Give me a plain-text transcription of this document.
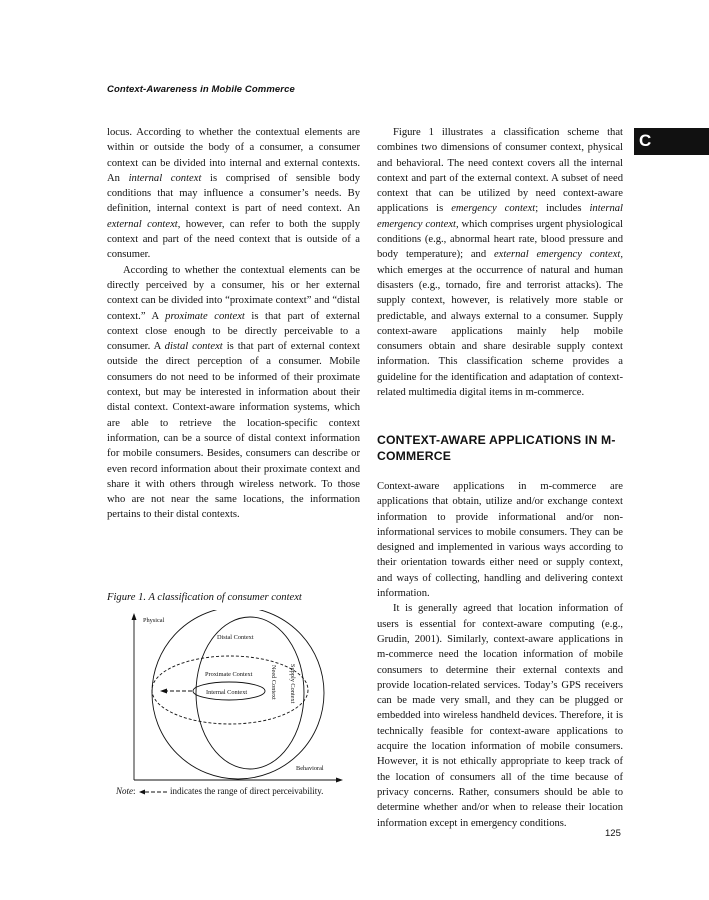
Context-Awareness in Mobile Commerce
C

locus. According to whether the contextual elements are within or outside the body of a consumer, a consumer context can be divided into internal and external contexts. An internal context is comprised of sensible body conditions that may influence a consumer’s needs. By definition, internal context is part of need context. An external context, however, can refer to both the supply context and part of the need context that is outside of a consumer.

According to whether the contextual elements can be directly perceived by a consumer, his or her external context can be divided into “proximate context” and “distal context.” A proximate context is that part of external context close enough to be directly perceivable to a consumer. A distal context is that part of external context outside the direct perception of a consumer. Mobile consumers do not need to be informed of their proximate context, but may be interested in information about their distal context. Context-aware information systems, which are able to retrieve the location-specific context information, can be a source of distal context information for mobile consumers. Besides, consumers can describe or even record information about their proximate context and share it with others through wireless network. To those who are not near the same locations, the information pertains to their distal contexts.

Figure 1. A classification of consumer context
Physical
Behavioral
Distal Context
Proximate Context
Internal Context	Need Context Supply Context
Note:	indicates the range of direct perceivability.

Figure 1 illustrates a classification scheme that combines two dimensions of consumer context, physical and behavioral. The need context covers all the internal context and part of the external context. A subset of need context that can be utilized by need context-aware applications is emergency context; includes internal emergency context, which comprises urgent physiological conditions (e.g., abnormal heart rate, blood pressure and body temperature); and external emergency context, which emerges at the occurrence of natural and human disasters (e.g., tornado, fire and terrorist attacks). The supply context, however, is relatively more stable or predictable, and always external to a consumer. Supply context-aware applications mainly help mobile consumers obtain and share desirable supply context information. This classification scheme provides a guideline for the identification and adaptation of context-related multimedia digital items in m-commerce.

CONTEXT-AWARE APPLICATIONS IN M-COMMERCE

Context-aware applications in m-commerce are applications that obtain, utilize and/or exchange context information to provide informational and/or non-informational services to mobile consumers. They can be designed and implemented in various ways according to their orientation towards either need or supply context, and ways of collecting, handling and delivering context information.

It is generally agreed that location information of users is essential for context-aware computing (e.g., Grudin, 2001). Similarly, context-aware applications in m-commerce need the location information of mobile consumers to determine their external contexts and provide location-related services. Today’s GPS receivers can be made very small, and they can be plugged or embedded into wireless handheld devices. Therefore, it is technically feasible for context-aware applications to acquire the location information of mobile consumers. However, it is not ethically appropriate to keep track of the location of consumers all of the time because of privacy concerns. Rather, consumers should be able to determine whether and/or when to release their location information except in emergency conditions.

125
